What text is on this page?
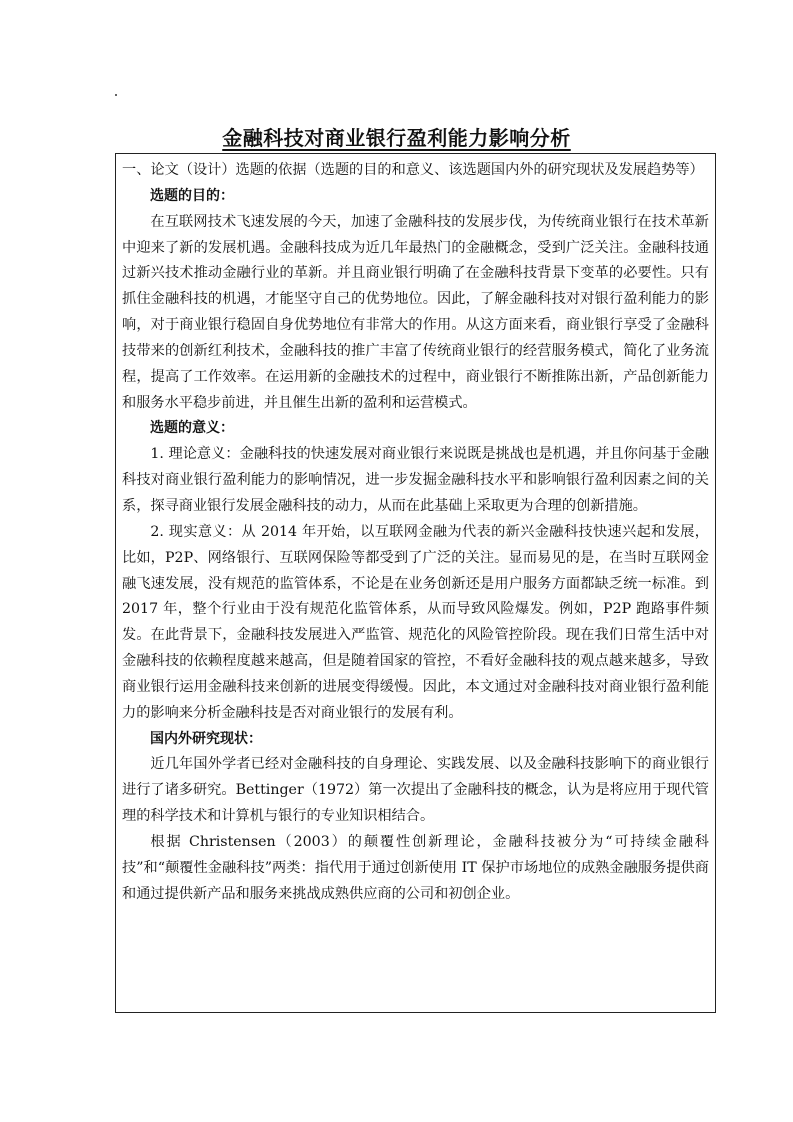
金融科技对商业银行盈利能力影响分析

一、论文（设计）选题的依据（选题的目的和意义、该选题国内外的研究现状及发展趋势等）

选题的目的：

在互联网技术飞速发展的今天，加速了金融科技的发展步伐，为传统商业银行在技术革新中迎来了新的发展机遇。金融科技成为近几年最热门的金融概念，受到广泛关注。金融科技通过新兴技术推动金融行业的革新。并且商业银行明确了在金融科技背景下变革的必要性。只有抓住金融科技的机遇，才能坚守自己的优势地位。因此，了解金融科技对对银行盈利能力的影响，对于商业银行稳固自身优势地位有非常大的作用。从这方面来看，商业银行享受了金融科技带来的创新红利技术，金融科技的推广丰富了传统商业银行的经营服务模式，简化了业务流程，提高了工作效率。在运用新的金融技术的过程中，商业银行不断推陈出新，产品创新能力和服务水平稳步前进，并且催生出新的盈利和运营模式。

选题的意义：

1. 理论意义：金融科技的快速发展对商业银行来说既是挑战也是机遇，并且你问基于金融科技对商业银行盈利能力的影响情况，进一步发掘金融科技水平和影响银行盈利因素之间的关系，探寻商业银行发展金融科技的动力，从而在此基础上采取更为合理的创新措施。

2. 现实意义：从 2014 年开始，以互联网金融为代表的新兴金融科技快速兴起和发展，比如，P2P、网络银行、互联网保险等都受到了广泛的关注。显而易见的是，在当时互联网金融飞速发展，没有规范的监管体系，不论是在业务创新还是用户服务方面都缺乏统一标准。到 2017 年，整个行业由于没有规范化监管体系，从而导致风险爆发。例如，P2P 跑路事件频发。在此背景下，金融科技发展进入严监管、规范化的风险管控阶段。现在我们日常生活中对金融科技的依赖程度越来越高，但是随着国家的管控，不看好金融科技的观点越来越多，导致商业银行运用金融科技来创新的进展变得缓慢。因此，本文通过对金融科技对商业银行盈利能力的影响来分析金融科技是否对商业银行的发展有利。

国内外研究现状：

近几年国外学者已经对金融科技的自身理论、实践发展、以及金融科技影响下的商业银行进行了诸多研究。Bettinger（1972）第一次提出了金融科技的概念，认为是将应用于现代管理的科学技术和计算机与银行的专业知识相结合。

根据 Christensen（2003）的颠覆性创新理论，金融科技被分为“可持续金融科技”和“颠覆性金融科技”两类：指代用于通过创新使用 IT 保护市场地位的成熟金融服务提供商和通过提供新产品和服务来挑战成熟供应商的公司和初创企业。
